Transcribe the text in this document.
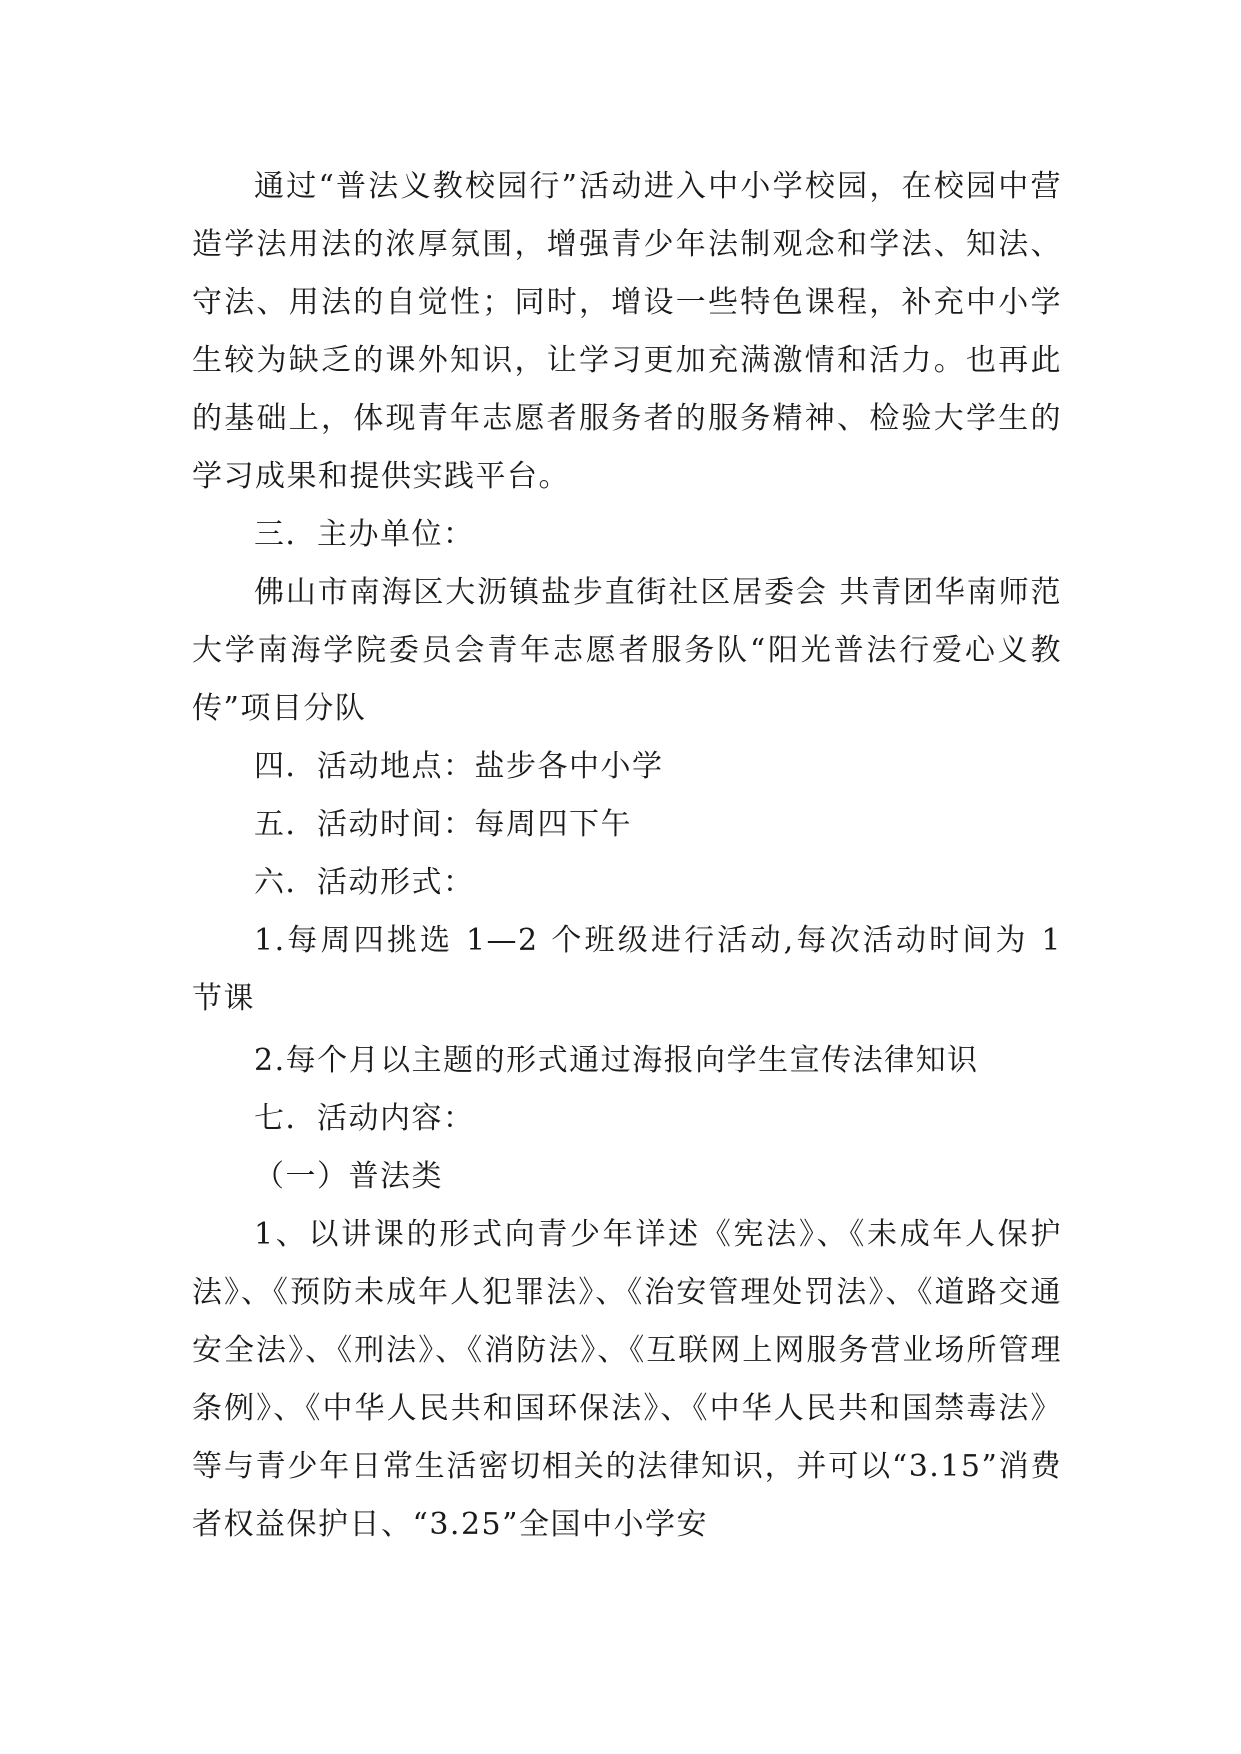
通过“普法义教校园行”活动进入中小学校园，在校园中营造学法用法的浓厚氛围，增强青少年法制观念和学法、知法、守法、用法的自觉性；同时，增设一些特色课程，补充中小学生较为缺乏的课外知识，让学习更加充满激情和活力。也再此的基础上，体现青年志愿者服务者的服务精神、检验大学生的学习成果和提供实践平台。

三．主办单位：

佛山市南海区大沥镇盐步直街社区居委会 共青团华南师范大学南海学院委员会青年志愿者服务队“阳光普法行爱心义教传”项目分队

四．活动地点：盐步各中小学

五．活动时间：每周四下午

六．活动形式：

1.每周四挑选 1—2 个班级进行活动,每次活动时间为 1 节课

2.每个月以主题的形式通过海报向学生宣传法律知识

七．活动内容：

（一）普法类

1、以讲课的形式向青少年详述《宪法》、《未成年人保护法》、《预防未成年人犯罪法》、《治安管理处罚法》、《道路交通安全法》、《刑法》、《消防法》、《互联网上网服务营业场所管理条例》、《中华人民共和国环保法》、《中华人民共和国禁毒法》等与青少年日常生活密切相关的法律知识，并可以“3.15”消费者权益保护日、“3.25”全国中小学安
